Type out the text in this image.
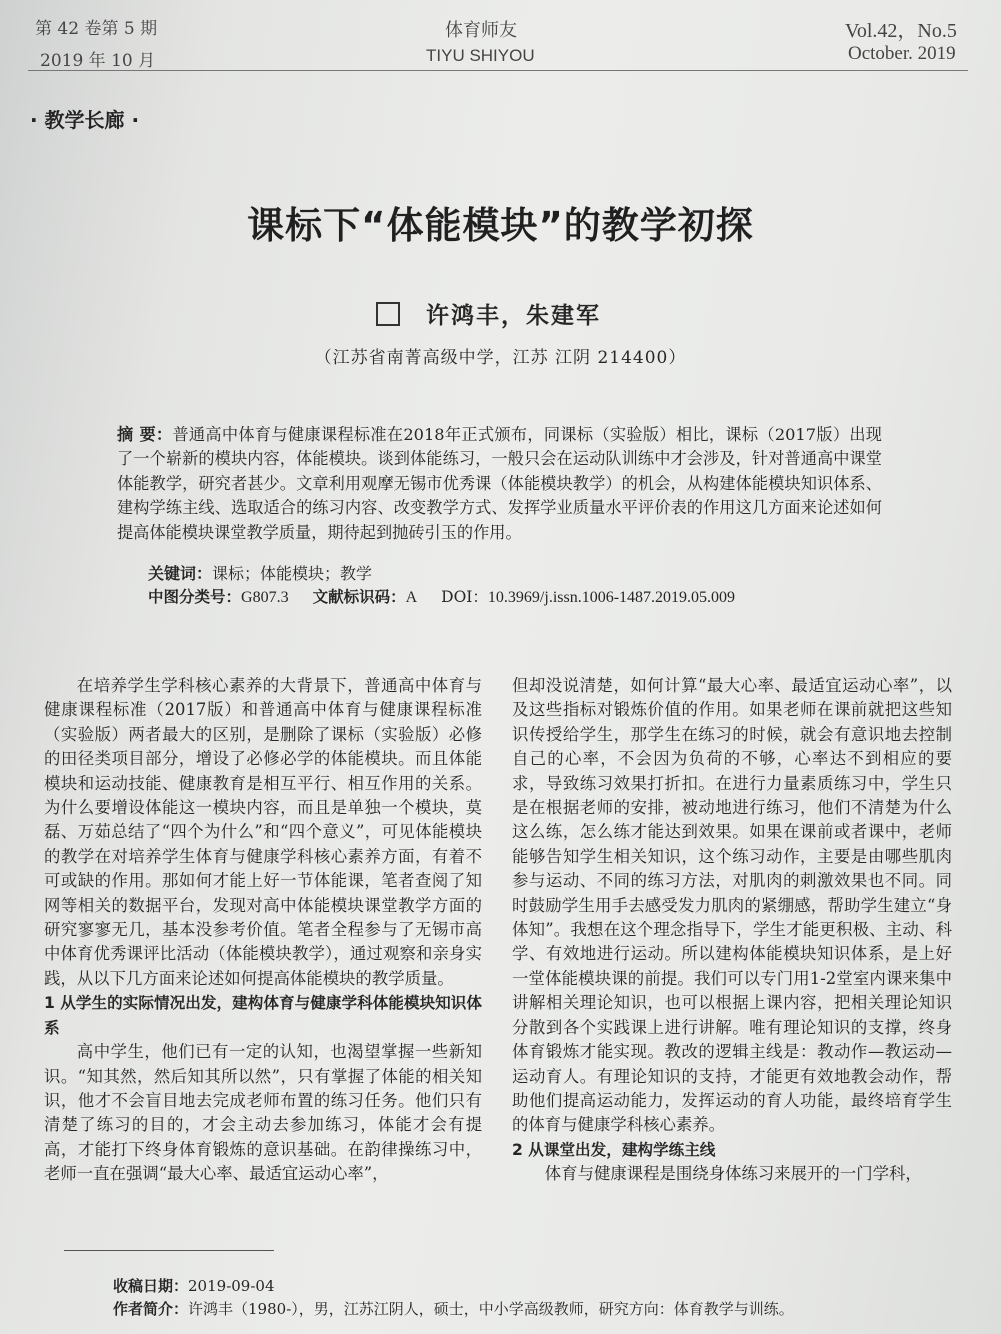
第 42 卷第 5 期
2019 年 10 月
体育师友
TIYU SHIYOU
Vol.42，No.5
October. 2019
· 教学长廊 ·
课标下“体能模块”的教学初探
许鸿丰，朱建军
（江苏省南菁高级中学，江苏 江阴 214400）
摘 要：普通高中体育与健康课程标准在2018年正式颁布，同课标（实验版）相比，课标（2017版）出现了一个崭新的模块内容，体能模块。谈到体能练习，一般只会在运动队训练中才会涉及，针对普通高中课堂体能教学，研究者甚少。文章利用观摩无锡市优秀课（体能模块教学）的机会，从构建体能模块知识体系、建构学练主线、选取适合的练习内容、改变教学方式、发挥学业质量水平评价表的作用这几方面来论述如何提高体能模块课堂教学质量，期待起到抛砖引玉的作用。
关键词：课标；体能模块；教学
中图分类号：G807.3 文献标识码：A DOI：10.3969/j.issn.1006-1487.2019.05.009

在培养学生学科核心素养的大背景下，普通高中体育与健康课程标准（2017版）和普通高中体育与健康课程标准（实验版）两者最大的区别，是删除了课标（实验版）必修的田径类项目部分，增设了必修必学的体能模块。而且体能模块和运动技能、健康教育是相互平行、相互作用的关系。为什么要增设体能这一模块内容，而且是单独一个模块，莫磊、万茹总结了“四个为什么”和“四个意义”，可见体能模块的教学在对培养学生体育与健康学科核心素养方面，有着不可或缺的作用。那如何才能上好一节体能课，笔者查阅了知网等相关的数据平台，发现对高中体能模块课堂教学方面的研究寥寥无几，基本没参考价值。笔者全程参与了无锡市高中体育优秀课评比活动（体能模块教学），通过观察和亲身实践，从以下几方面来论述如何提高体能模块的教学质量。

1 从学生的实际情况出发，建构体育与健康学科体能模块知识体系

高中学生，他们已有一定的认知，也渴望掌握一些新知识。“知其然，然后知其所以然”，只有掌握了体能的相关知识，他才不会盲目地去完成老师布置的练习任务。他们只有清楚了练习的目的，才会主动去参加练习，体能才会有提高，才能打下终身体育锻炼的意识基础。在韵律操练习中，老师一直在强调“最大心率、最适宜运动心率”，

但却没说清楚，如何计算“最大心率、最适宜运动心率”，以及这些指标对锻炼价值的作用。如果老师在课前就把这些知识传授给学生，那学生在练习的时候，就会有意识地去控制自己的心率，不会因为负荷的不够，心率达不到相应的要求，导致练习效果打折扣。在进行力量素质练习中，学生只是在根据老师的安排，被动地进行练习，他们不清楚为什么这么练，怎么练才能达到效果。如果在课前或者课中，老师能够告知学生相关知识，这个练习动作，主要是由哪些肌肉参与运动、不同的练习方法，对肌肉的刺激效果也不同。同时鼓励学生用手去感受发力肌肉的紧绷感，帮助学生建立“身体知”。我想在这个理念指导下，学生才能更积极、主动、科学、有效地进行运动。所以建构体能模块知识体系，是上好一堂体能模块课的前提。我们可以专门用1-2堂室内课来集中讲解相关理论知识，也可以根据上课内容，把相关理论知识分散到各个实践课上进行讲解。唯有理论知识的支撑，终身体育锻炼才能实现。教改的逻辑主线是：教动作—教运动—运动育人。有理论知识的支持，才能更有效地教会动作，帮助他们提高运动能力，发挥运动的育人功能，最终培育学生的体育与健康学科核心素养。

2 从课堂出发，建构学练主线

体育与健康课程是围绕身体练习来展开的一门学科，

收稿日期：2019-09-04
作者简介：许鸿丰（1980-），男，江苏江阴人，硕士，中小学高级教师，研究方向：体育教学与训练。
